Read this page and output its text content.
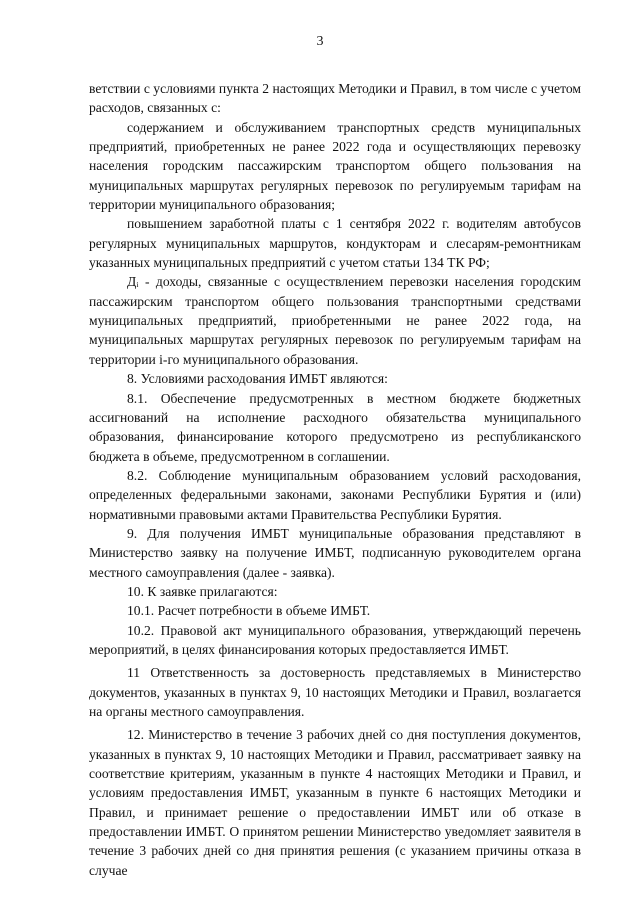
3

ветствии с условиями пункта 2 настоящих Методики и Правил, в том числе с учетом расходов, связанных с:

содержанием и обслуживанием транспортных средств муниципальных предприятий, приобретенных не ранее 2022 года и осуществляющих перевозку населения городским пассажирским транспортом общего пользования на муниципальных маршрутах регулярных перевозок по регулируемым тарифам на территории муниципального образования;

повышением заработной платы с 1 сентября 2022 г. водителям автобусов регулярных муниципальных маршрутов, кондукторам и слесарям-ремонтникам указанных муниципальных предприятий с учетом статьи 134 ТК РФ;

Дᵢ - доходы, связанные с осуществлением перевозки населения городским пассажирским транспортом общего пользования транспортными средствами муниципальных предприятий, приобретенными не ранее 2022 года, на муниципальных маршрутах регулярных перевозок по регулируемым тарифам на территории i-го муниципального образования.

8. Условиями расходования ИМБТ являются:

8.1. Обеспечение предусмотренных в местном бюджете бюджетных ассигнований на исполнение расходного обязательства муниципального образования, финансирование которого предусмотрено из республиканского бюджета в объеме, предусмотренном в соглашении.

8.2. Соблюдение муниципальным образованием условий расходования, определенных федеральными законами, законами Республики Бурятия и (или) нормативными правовыми актами Правительства Республики Бурятия.

9. Для получения ИМБТ муниципальные образования представляют в Министерство заявку на получение ИМБТ, подписанную руководителем органа местного самоуправления (далее - заявка).

10. К заявке прилагаются:

10.1. Расчет потребности в объеме ИМБТ.

10.2. Правовой акт муниципального образования, утверждающий перечень мероприятий, в целях финансирования которых предоставляется ИМБТ.

11 Ответственность за достоверность представляемых в Министерство документов, указанных в пунктах 9, 10 настоящих Методики и Правил, возлагается на органы местного самоуправления.

12. Министерство в течение 3 рабочих дней со дня поступления документов, указанных в пунктах 9, 10 настоящих Методики и Правил, рассматривает заявку на соответствие критериям, указанным в пункте 4 настоящих Методики и Правил, и условиям предоставления ИМБТ, указанным в пункте 6 настоящих Методики и Правил, и принимает решение о предоставлении ИМБТ или об отказе в предоставлении ИМБТ. О принятом решении Министерство уведомляет заявителя в течение 3 рабочих дней со дня принятия решения (с указанием причины отказа в случае
